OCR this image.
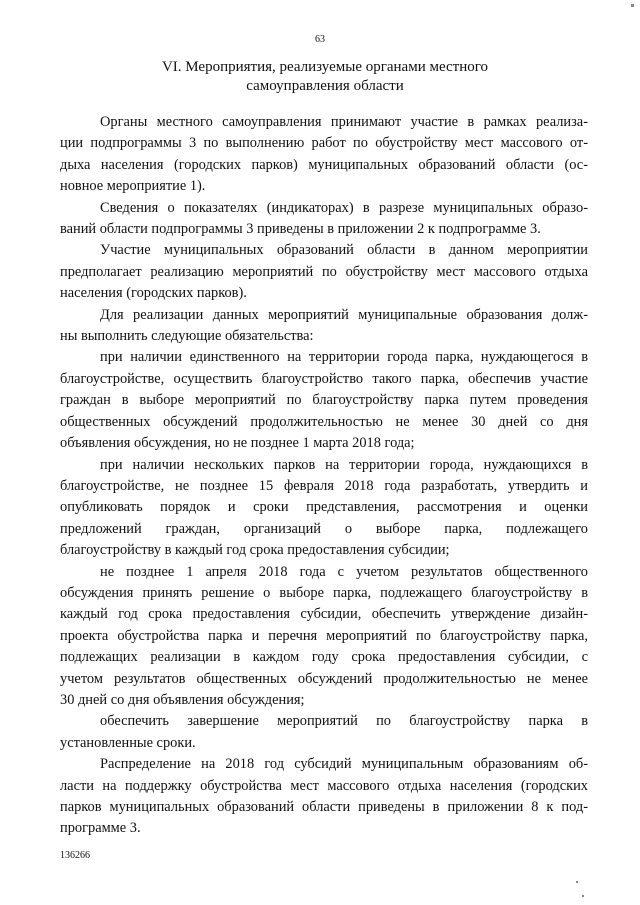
63
VI. Мероприятия, реализуемые органами местного
самоуправления области

Органы местного самоуправления принимают участие в рамках реализа-
ции подпрограммы 3 по выполнению работ по обустройству мест массового от-
дыха населения (городских парков) муниципальных образований области (ос-
новное мероприятие 1).

Сведения о показателях (индикаторах) в разрезе муниципальных образо-
ваний области подпрограммы 3 приведены в приложении 2 к подпрограмме 3.

Участие муниципальных образований области в данном мероприятии
предполагает реализацию мероприятий по обустройству мест массового отдыха
населения (городских парков).

Для реализации данных мероприятий муниципальные образования долж-
ны выполнить следующие обязательства:

при наличии единственного на территории города парка, нуждающегося в
благоустройстве, осуществить благоустройство такого парка, обеспечив участие
граждан в выборе мероприятий по благоустройству парка путем проведения
общественных обсуждений продолжительностью не менее 30 дней со дня
объявления обсуждения, но не позднее 1 марта 2018 года;

при наличии нескольких парков на территории города, нуждающихся в
благоустройстве, не позднее 15 февраля 2018 года разработать, утвердить и
опубликовать порядок и сроки представления, рассмотрения и оценки
предложений граждан, организаций о выборе парка, подлежащего
благоустройству в каждый год срока предоставления субсидии;

не позднее 1 апреля 2018 года с учетом результатов общественного
обсуждения принять решение о выборе парка, подлежащего благоустройству в
каждый год срока предоставления субсидии, обеспечить утверждение дизайн-
проекта обустройства парка и перечня мероприятий по благоустройству парка,
подлежащих реализации в каждом году срока предоставления субсидии, с
учетом результатов общественных обсуждений продолжительностью не менее
30 дней со дня объявления обсуждения;

обеспечить завершение мероприятий по благоустройству парка в
установленные сроки.

Распределение на 2018 год субсидий муниципальным образованиям об-
ласти на поддержку обустройства мест массового отдыха населения (городских
парков муниципальных образований области приведены в приложении 8 к под-
программе 3.

136266
